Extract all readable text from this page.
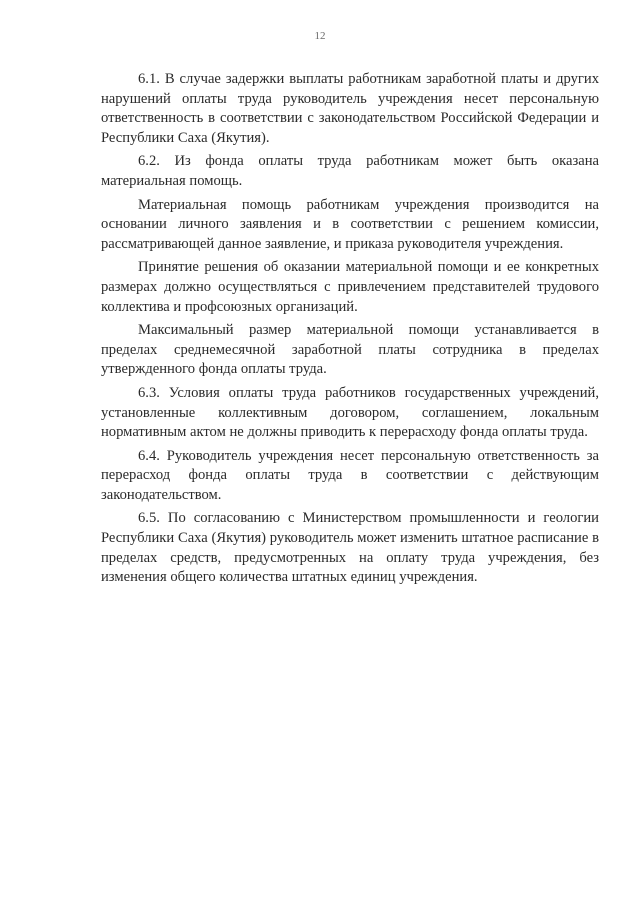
12

6.1. В случае задержки выплаты работникам заработной платы и других нарушений оплаты труда руководитель учреждения несет персональную ответственность в соответствии с законодательством Российской Федерации и Республики Саха (Якутия).

6.2. Из фонда оплаты труда работникам может быть оказана материальная помощь.

Материальная помощь работникам учреждения производится на основании личного заявления и в соответствии с решением комиссии, рассматривающей данное заявление, и приказа руководителя учреждения.

Принятие решения об оказании материальной помощи и ее конкретных размерах должно осуществляться с привлечением представителей трудового коллектива и профсоюзных организаций.

Максимальный размер материальной помощи устанавливается в пределах среднемесячной заработной платы сотрудника в пределах утвержденного фонда оплаты труда.

6.3. Условия оплаты труда работников государственных учреждений, установленные коллективным договором, соглашением, локальным нормативным актом не должны приводить к перерасходу фонда оплаты труда.

6.4. Руководитель учреждения несет персональную ответственность за перерасход фонда оплаты труда в соответствии с действующим законодательством.

6.5. По согласованию с Министерством промышленности и геологии Республики Саха (Якутия) руководитель может изменить штатное расписание в пределах средств, предусмотренных на оплату труда учреждения, без изменения общего количества штатных единиц учреждения.
